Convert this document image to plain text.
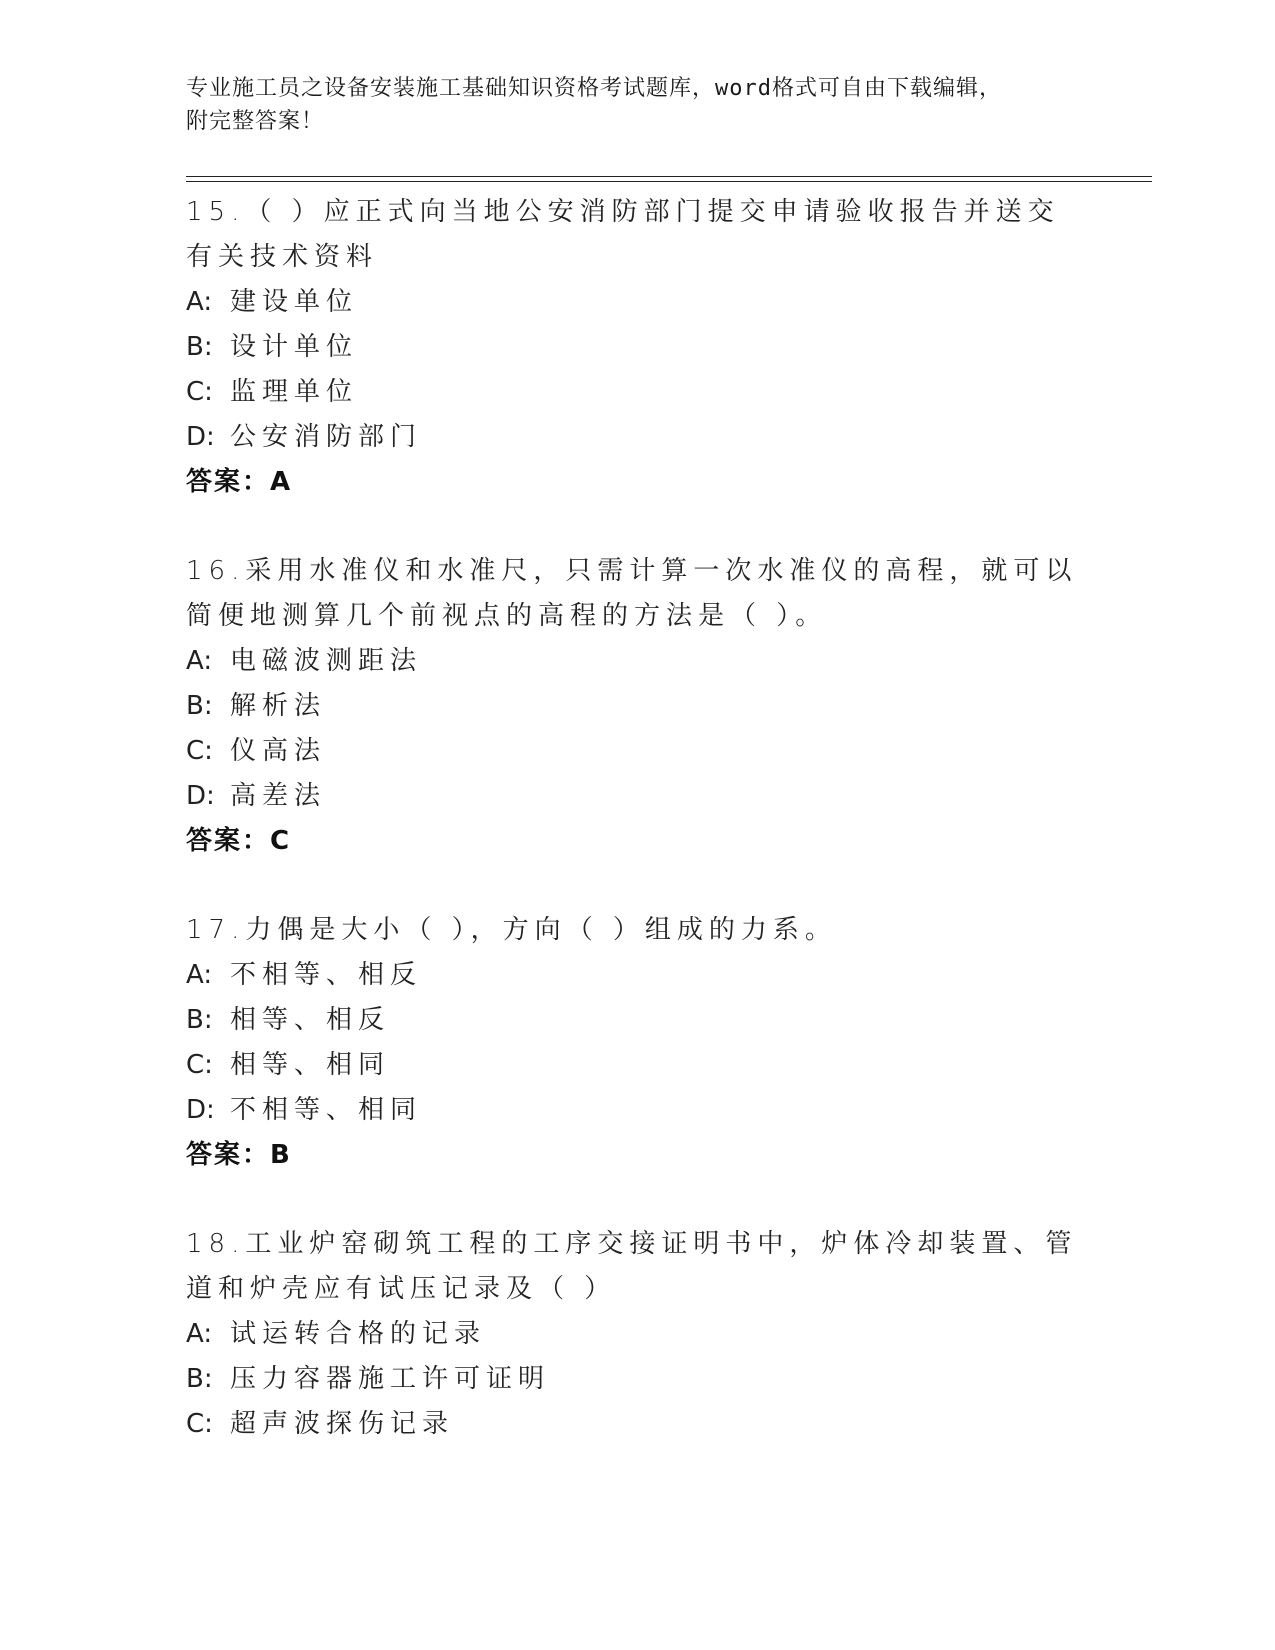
专业施工员之设备安装施工基础知识资格考试题库，word格式可自由下载编辑，
附完整答案！
15.（ ）应正式向当地公安消防部门提交申请验收报告并送交有关技术资料
A: 建设单位
B: 设计单位
C: 监理单位
D: 公安消防部门
答案：A
16.采用水准仪和水准尺，只需计算一次水准仪的高程，就可以简便地测算几个前视点的高程的方法是（ ）。
A: 电磁波测距法
B: 解析法
C: 仪高法
D: 高差法
答案：C
17.力偶是大小（ ），方向（ ）组成的力系。
A: 不相等、相反
B: 相等、相反
C: 相等、相同
D: 不相等、相同
答案：B
18.工业炉窑砌筑工程的工序交接证明书中，炉体冷却装置、管道和炉壳应有试压记录及（ ）
A: 试运转合格的记录
B: 压力容器施工许可证明
C: 超声波探伤记录
